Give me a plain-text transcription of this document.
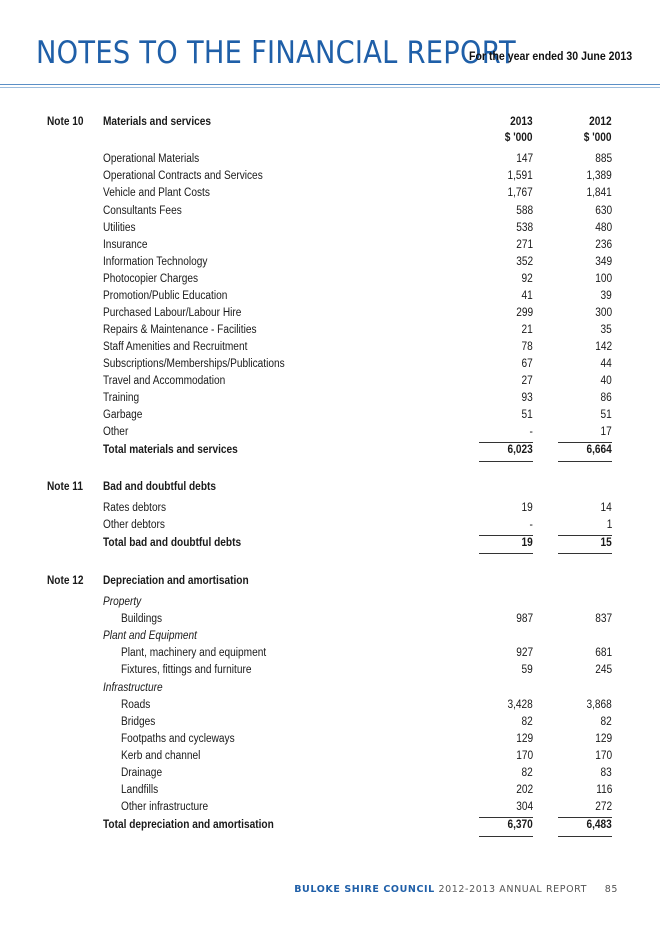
NOTES TO THE FINANCIAL REPORT
For the year ended 30 June 2013
Note 10 Materials and services	2013	2012
$ '000	$ '000
Operational Materials	147	885
Operational Contracts and Services	1,591	1,389
Vehicle and Plant Costs	1,767	1,841
Consultants Fees	588	630
Utilities	538	480
Insurance	271	236
Information Technology	352	349
Photocopier Charges	92	100
Promotion/Public Education	41	39
Purchased Labour/Labour Hire	299	300
Repairs & Maintenance - Facilities	21	35
Staff Amenities and Recruitment	78	142
Subscriptions/Memberships/Publications	67	44
Travel and Accommodation	27	40
Training	93	86
Garbage	51	51
Other	-	17
Total materials and services	6,023	6,664
Note 11 Bad and doubtful debts
Rates debtors	19	14
Other debtors	-	1
Total bad and doubtful debts	19	15
Note 12 Depreciation and amortisation
Property
Buildings	987	837
Plant and Equipment
Plant, machinery and equipment	927	681
Fixtures, fittings and furniture	59	245
Infrastructure
Roads	3,428	3,868
Bridges	82	82
Footpaths and cycleways	129	129
Kerb and channel	170	170
Drainage	82	83
Landfills	202	116
Other infrastructure	304	272
Total depreciation and amortisation	6,370	6,483
BULOKE SHIRE COUNCIL 2012-2013 ANNUAL REPORT 85
